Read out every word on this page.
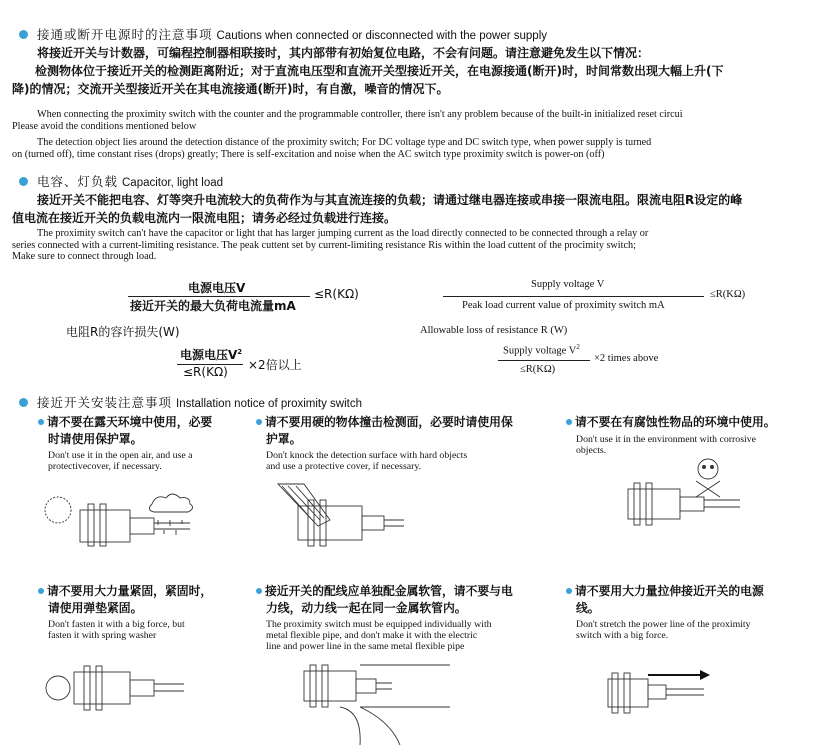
接通或断开电源时的注意事项 Cautions when connected or disconnected with the power supply
将接近开关与计数器，可编程控制器相联接时，其内部带有初始复位电路，不会有问题。请注意避免发生以下情况：
检测物体位于接近开关的检测距离附近；对于直流电压型和直流开关型接近开关，在电源接通(断开)时，时间常数出现大幅上升(下
降)的情况；交流开关型接近开关在其电流接通(断开)时，有自激，噪音的情况下。
When connecting the proximity switch with the counter and the programmable controller, there isn't any problem because of the built-in initialized reset circui
Please avoid the conditions mentioned below
The detection object lies around the detection distance of the proximity switch; For DC voltage type and DC switch type, when power supply is turned
on (turned off), time constant rises (drops) greatly; There is self-excitation and noise when the AC switch type proximity switch is power-on (off)
电容、灯负载 Capacitor, light load
接近开关不能把电容、灯等突升电流较大的负荷作为与其直流连接的负载；请通过继电器连接或串接一限流电阻。限流电阻R设定的峰
值电流在接近开关的负载电流内一限流电阻；请务必经过负载进行连接。
The proximity switch can't have the capacitor or light that has larger jumping current as the load directly connected to be connected through a relay or
series connected with a current-limiting resistance. The peak cuttent set by current-limiting resistance Ris within the load cuttent of the procimity switch;
Make sure to connect through load.
电源电压V
接近开关的最大负荷电流量mA
≤R(KΩ)
Supply voltage V
Peak load current value of proximity switch mA
≤R(KΩ)
电阻R的容许损失(W)	Allowable loss of resistance R (W)
电源电压$V^2$
≤R(KΩ) ×2倍以上
Supply voltage $V^2$
≤R(KΩ)
×2 times above
接近开关安装注意事项 Installation notice of proximity switch
请不要在露天环境中使用，必要
时请使用保护罩。
Don't use it in the open air, and use a
protectivecover, if necessary.
请不要用硬的物体撞击检测面，必要时请使用保
护罩。
Don't knock the detection surface with hard objects
and use a protective cover, if necessary.
请不要在有腐蚀性物品的环境中使用。
Don't use it in the environment with corrosive
objects.
请不要用大力量紧固，紧固时，
请使用弹垫紧固。
Don't fasten it with a big force, but
fasten it with spring washer
接近开关的配线应单独配金属软管，请不要与电
力线，动力线一起在同一金属软管内。
The proximity switch must be equipped individually with
metal flexible pipe, and don't make it with the electric
line and power line in the same metal flexible pipe
请不要用大力量拉伸接近开关的电源
线。
Don't stretch the power line of the proximity
switch with a big force.
